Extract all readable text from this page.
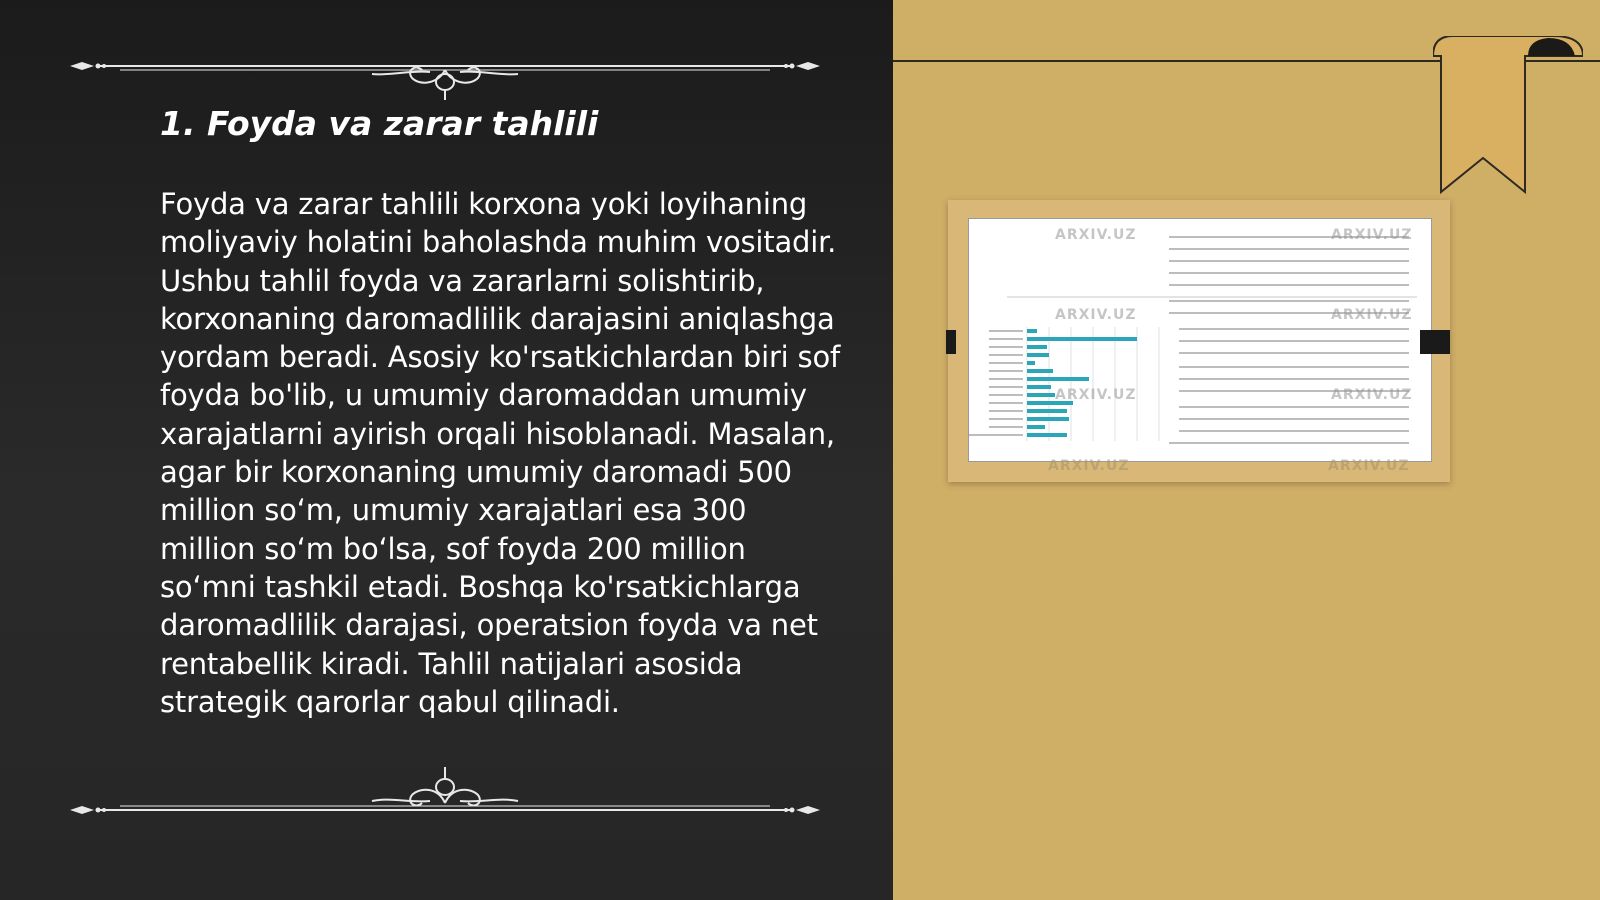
1. Foyda va zarar tahlili

Foyda va zarar tahlili korxona yoki loyihaning moliyaviy holatini baholashda muhim vositadir. Ushbu tahlil foyda va zararlarni solishtirib, korxonaning daromadlilik darajasini aniqlashga yordam beradi. Asosiy ko'rsatkichlardan biri sof foyda bo'lib, u umumiy daromaddan umumiy xarajatlarni ayirish orqali hisoblanadi. Masalan, agar bir korxonaning umumiy daromadi 500 million so‘m, umumiy xarajatlari esa 300 million so‘m bo‘lsa, sof foyda 200 million so‘mni tashkil etadi. Boshqa ko'rsatkichlarga daromadlilik darajasi, operatsion foyda va net rentabellik kiradi. Tahlil natijalari asosida strategik qarorlar qabul qilinadi.

ARXIV.UZ	ARXIV.UZ
ARXIV.UZ	ARXIV.UZ
ARXIV.UZ	ARXIV.UZ
ARXIV.UZ	ARXIV.UZ
